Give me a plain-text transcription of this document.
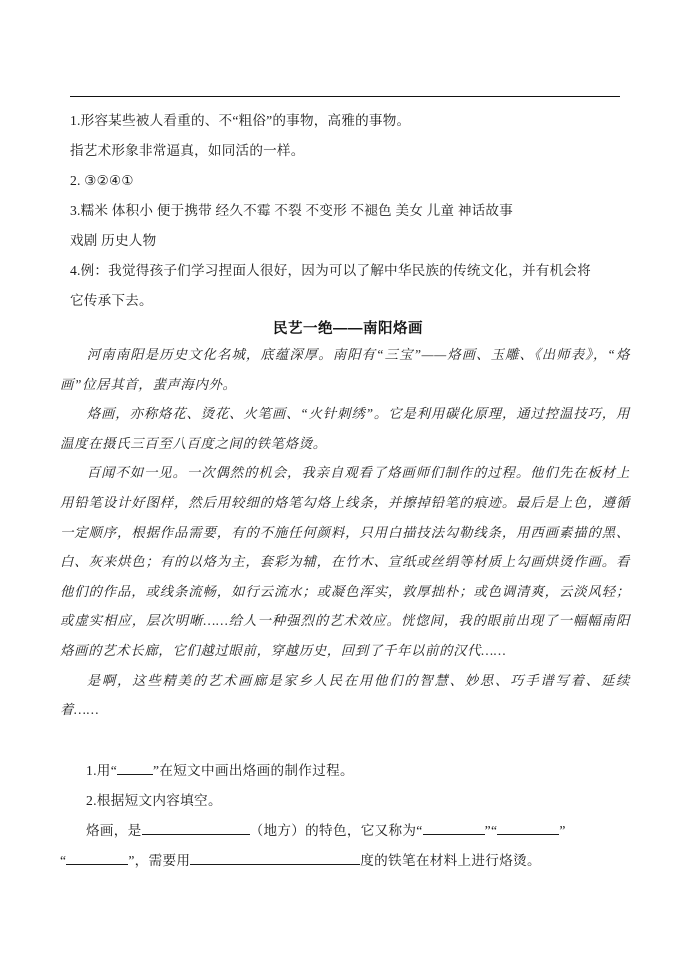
1.形容某些被人看重的、不“粗俗”的事物，高雅的事物。
指艺术形象非常逼真，如同活的一样。
2. ③②④①
3.糯米 体积小 便于携带 经久不霉 不裂 不变形 不褪色 美女 儿童 神话故事
戏剧 历史人物
4.例：我觉得孩子们学习捏面人很好，因为可以了解中华民族的传统文化，并有机会将
它传承下去。
民艺一绝——南阳烙画

河南南阳是历史文化名城，底蕴深厚。南阳有“三宝”——烙画、玉雕、《出师表》，“烙画”位居其首，蜚声海内外。

烙画，亦称烙花、烫花、火笔画、“火针刺绣”。它是利用碳化原理，通过控温技巧，用温度在摄氏三百至八百度之间的铁笔烙烫。

百闻不如一见。一次偶然的机会，我亲自观看了烙画师们制作的过程。他们先在板材上用铅笔设计好图样，然后用较细的烙笔勾烙上线条，并擦掉铅笔的痕迹。最后是上色，遵循一定顺序，根据作品需要，有的不施任何颜料，只用白描技法勾勒线条，用西画素描的黑、白、灰来烘色；有的以烙为主，套彩为辅，在竹木、宣纸或丝绢等材质上勾画烘烫作画。看他们的作品，或线条流畅，如行云流水；或凝色浑实，敦厚拙朴；或色调清爽，云淡风轻；或虚实相应，层次明晰……给人一种强烈的艺术效应。恍惚间，我的眼前出现了一幅幅南阳烙画的艺术长廊，它们越过眼前，穿越历史，回到了千年以前的汉代……

是啊，这些精美的艺术画廊是家乡人民在用他们的智慧、妙思、巧手谱写着、延续着……

1.用“	”在短文中画出烙画的制作过程。

2.根据短文内容填空。

烙画，是	（地方）的特色，它又称为“	”“	”

“	”，需要用	度的铁笔在材料上进行烙烫。
